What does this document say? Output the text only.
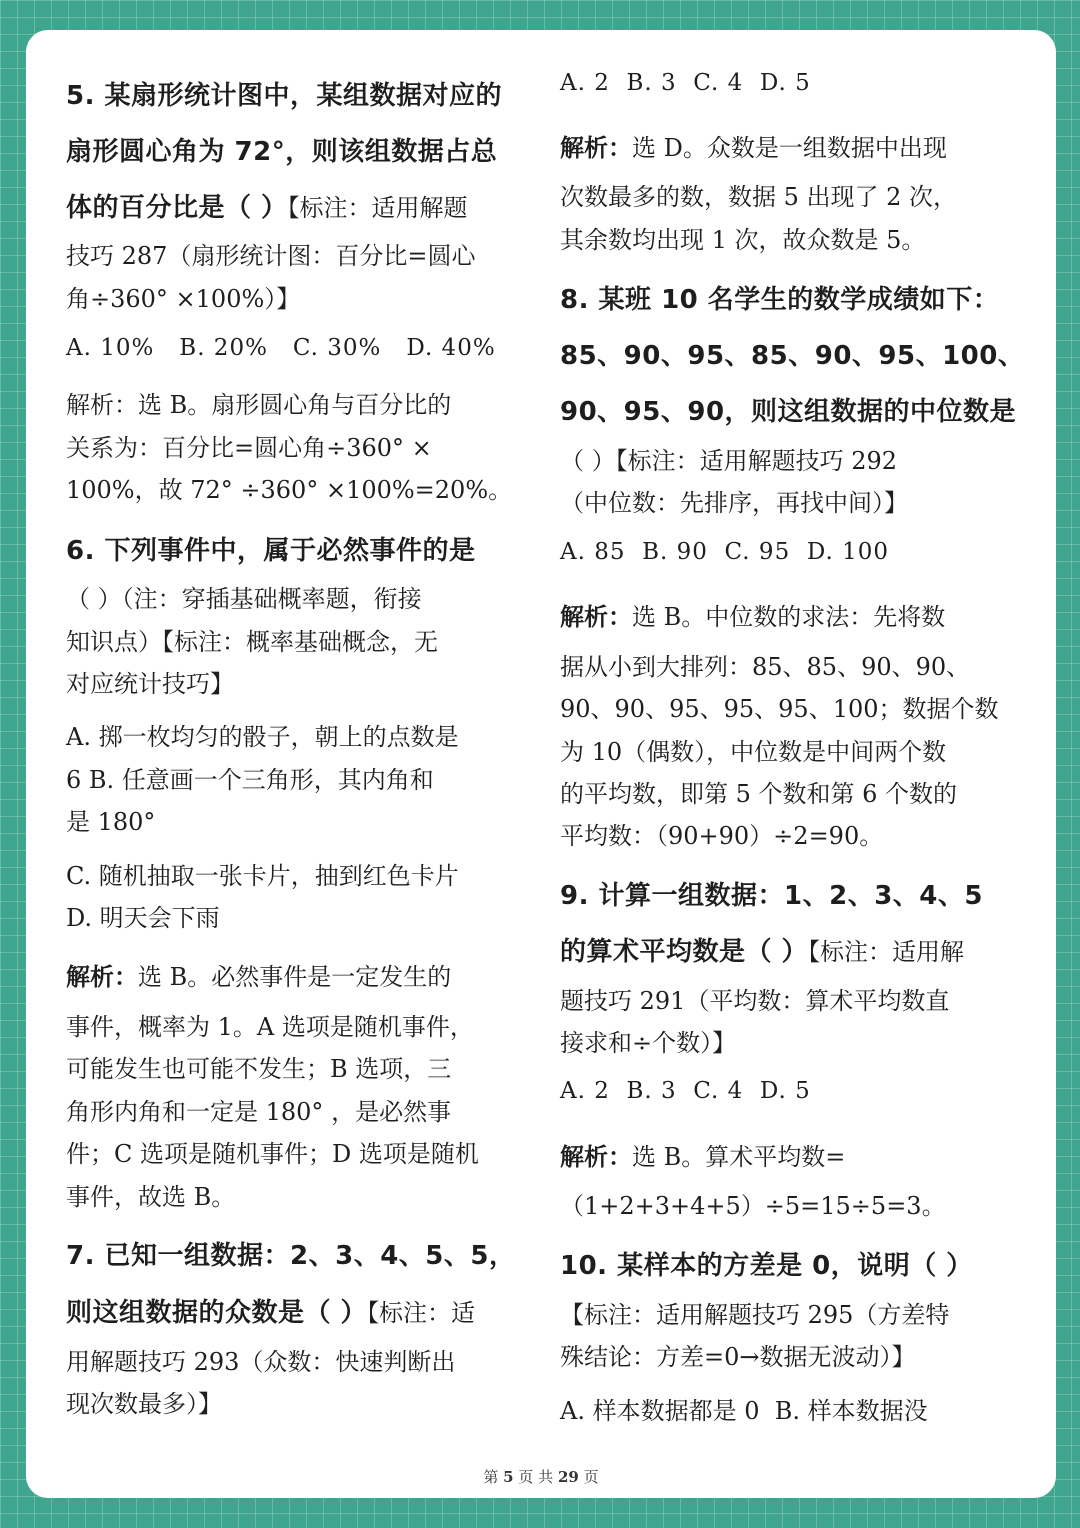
5. 某扇形统计图中，某组数据对应的
扇形圆心角为 72°，则该组数据占总
体的百分比是（ ）【标注：适用解题
技巧 287（扇形统计图：百分比=圆心
角÷360° ×100%）】
A. 10%   B. 20%   C. 30%   D. 40%
解析：选 B。扇形圆心角与百分比的
关系为：百分比=圆心角÷360° ×
100%，故 72° ÷360° ×100%=20%。
6. 下列事件中，属于必然事件的是
（ ）（注：穿插基础概率题，衔接
知识点）【标注：概率基础概念，无
对应统计技巧】
A. 掷一枚均匀的骰子，朝上的点数是
6 B. 任意画一个三角形，其内角和
是 180°
C. 随机抽取一张卡片，抽到红色卡片
D. 明天会下雨
解析：选 B。必然事件是一定发生的
事件，概率为 1。A 选项是随机事件，
可能发生也可能不发生；B 选项，三
角形内角和一定是 180° ，是必然事
件；C 选项是随机事件；D 选项是随机
事件，故选 B。
7. 已知一组数据：2、3、4、5、5，
则这组数据的众数是（ ）【标注：适
用解题技巧 293（众数：快速判断出
现次数最多）】
A. 2  B. 3  C. 4  D. 5
解析：选 D。众数是一组数据中出现
次数最多的数，数据 5 出现了 2 次，
其余数均出现 1 次，故众数是 5。
8. 某班 10 名学生的数学成绩如下：
85、90、95、85、90、95、100、
90、95、90，则这组数据的中位数是
（ ）【标注：适用解题技巧 292
（中位数：先排序，再找中间）】
A. 85  B. 90  C. 95  D. 100
解析：选 B。中位数的求法：先将数
据从小到大排列：85、85、90、90、
90、90、95、95、95、100；数据个数
为 10（偶数），中位数是中间两个数
的平均数，即第 5 个数和第 6 个数的
平均数：（90+90）÷2=90。
9. 计算一组数据：1、2、3、4、5
的算术平均数是（ ）【标注：适用解
题技巧 291（平均数：算术平均数直
接求和÷个数）】
A. 2  B. 3  C. 4  D. 5
解析：选 B。算术平均数=
（1+2+3+4+5）÷5=15÷5=3。
10. 某样本的方差是 0，说明（ ）
【标注：适用解题技巧 295（方差特
殊结论：方差=0→数据无波动）】
A. 样本数据都是 0  B. 样本数据没
第 5 页 共 29 页
